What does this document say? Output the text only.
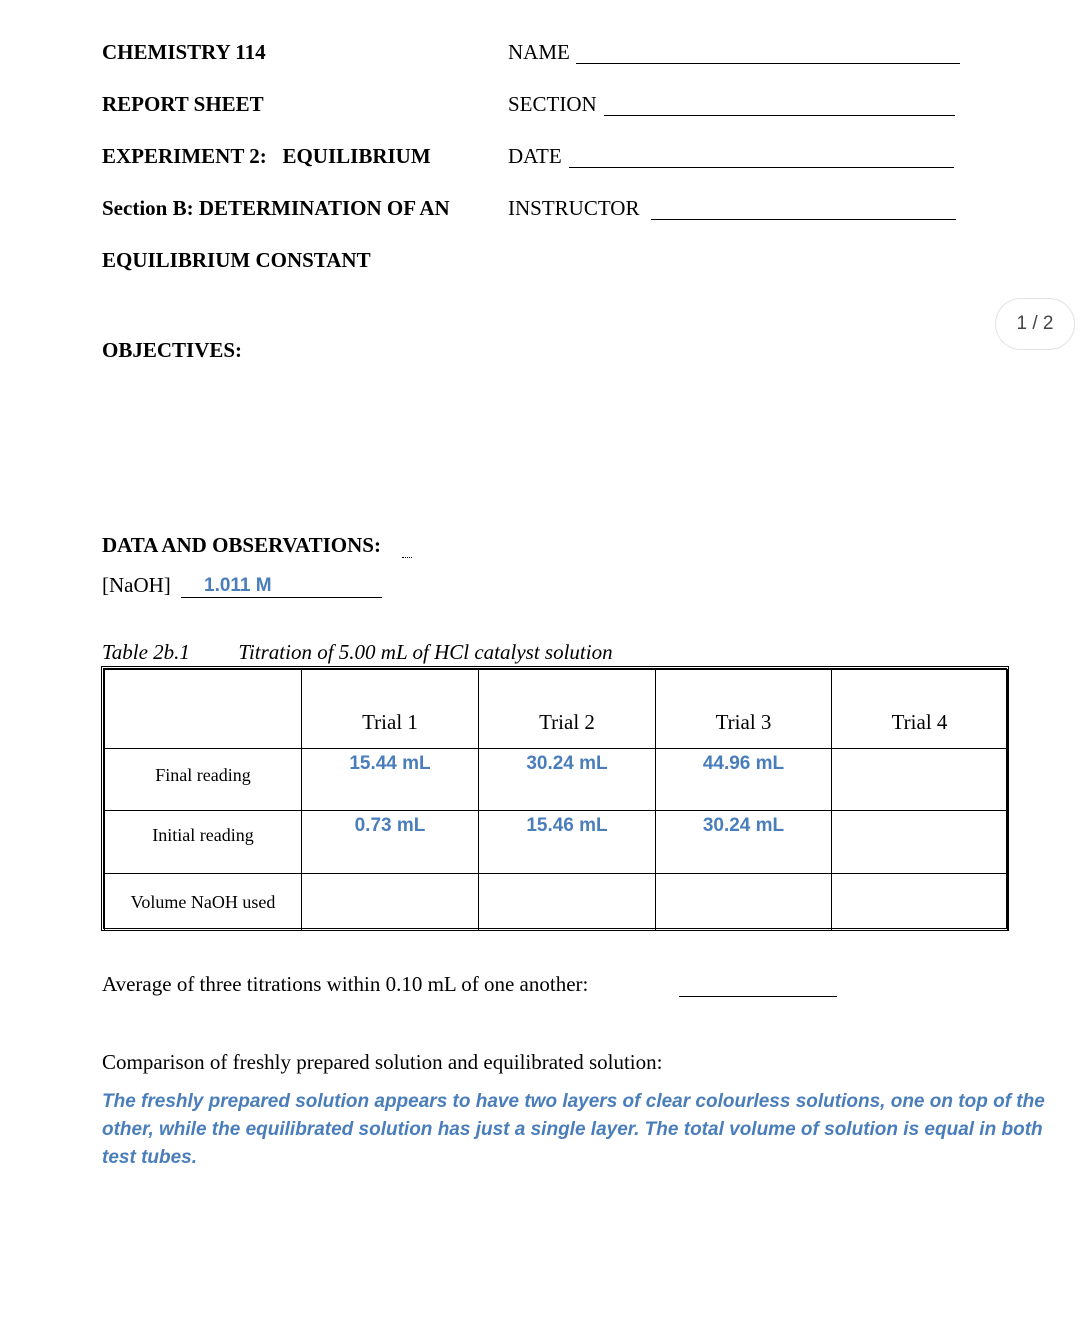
CHEMISTRY 114
REPORT SHEET
EXPERIMENT 2:   EQUILIBRIUM
Section B: DETERMINATION OF AN
EQUILIBRIUM CONSTANT
NAME
SECTION
DATE
INSTRUCTOR
1 / 2
OBJECTIVES:
DATA AND OBSERVATIONS:
[NaOH] 1.011 M
Table 2b.1 Titration of 5.00 mL of HCl catalyst solution

	Trial 1	Trial 2	Trial 3	Trial 4

Final reading	15.44 mL	30.24 mL	44.96 mL	

Initial reading	0.73 mL	15.46 mL	30.24 mL	

Volume NaOH used				

Average of three titrations within 0.10 mL of one another:
Comparison of freshly prepared solution and equilibrated solution:
The freshly prepared solution appears to have two layers of clear colourless solutions, one on top of the other, while the equilibrated solution has just a single layer. The total volume of solution is equal in both test tubes.
